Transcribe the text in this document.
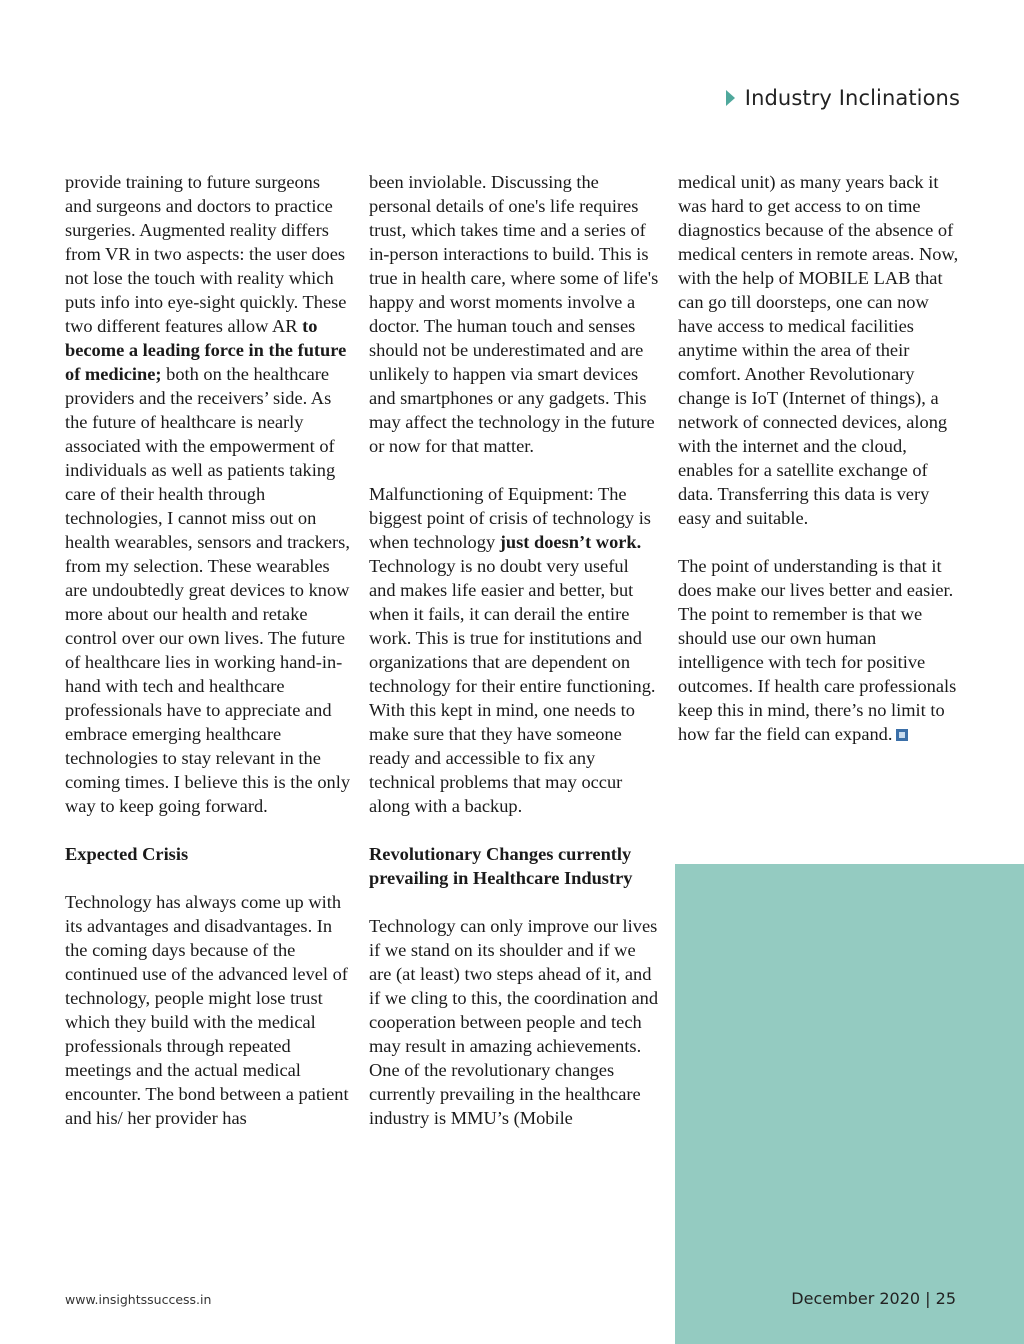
Industry Inclinations

provide training to future surgeons and surgeons and doctors to practice surgeries. Augmented reality differs from VR in two aspects: the user does not lose the touch with reality which puts info into eye-sight quickly. These two different features allow AR to become a leading force in the future of medicine; both on the healthcare providers and the receivers’ side. As the future of healthcare is nearly associated with the empowerment of individuals as well as patients taking care of their health through technologies, I cannot miss out on health wearables, sensors and trackers, from my selection. These wearables are undoubtedly great devices to know more about our health and retake control over our own lives. The future of healthcare lies in working hand-in-hand with tech and healthcare professionals have to appreciate and embrace emerging healthcare technologies to stay relevant in the coming times. I believe this is the only way to keep going forward.

Expected Crisis

Technology has always come up with its advantages and disadvantages. In the coming days because of the continued use of the advanced level of technology, people might lose trust which they build with the medical professionals through repeated meetings and the actual medical encounter. The bond between a patient and his/ her provider has

been inviolable. Discussing the personal details of one's life requires trust, which takes time and a series of

in-person interactions to build. This is true in health care, where some of life's happy and worst moments involve a doctor. The human touch and senses should not be underestimated and are unlikely to happen via smart devices and smartphones or any gadgets. This may affect the technology in the future or now for that matter.

Malfunctioning of Equipment: The biggest point of crisis of technology is when technology just doesn’t work. Technology is no doubt very useful and makes life easier and better, but when it fails, it can derail the entire work. This is true for institutions and organizations that are dependent on technology for their entire functioning. With this kept in mind, one needs to make sure that they have someone ready and accessible to fix any technical problems that may occur along with a backup.

Revolutionary Changes currently prevailing in Healthcare Industry

Technology can only improve our lives if we stand on its shoulder and if we are (at least) two steps ahead of it, and if we cling to this, the coordination and cooperation between people and tech may result in amazing achievements. One of the revolutionary changes currently prevailing in the healthcare industry is MMU’s (Mobile

medical unit) as many years back it was hard to get access to on time diagnostics because of the absence of medical centers in remote areas. Now, with the help of MOBILE LAB that can go till doorsteps, one can now have access to medical facilities anytime within the area of their comfort. Another Revolutionary change is IoT (Internet of things), a network of connected devices, along with the internet and the cloud, enables for a satellite exchange of data. Transferring this data is very easy and suitable.

The point of understanding is that it does make our lives better and easier. The point to remember is that we should use our own human intelligence with tech for positive outcomes. If health care professionals keep this in mind, there’s no limit to how far the field can expand.

www.insightssuccess.in	December 2020 | 25
